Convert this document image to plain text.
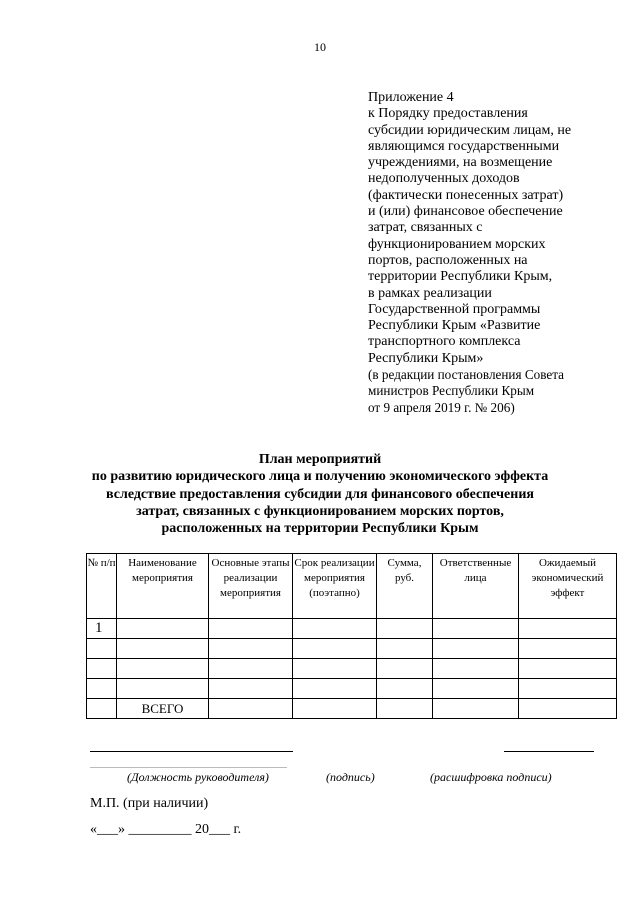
10
Приложение 4
к Порядку предоставления
субсидии юридическим лицам, не
являющимся государственными
учреждениями, на возмещение
недополученных доходов
(фактически понесенных затрат)
и (или) финансовое обеспечение
затрат, связанных с
функционированием морских
портов, расположенных на
территории Республики Крым,
в рамках реализации
Государственной программы
Республики Крым «Развитие
транспортного комплекса
Республики Крым»
(в редакции постановления Совета
министров Республики Крым
от 9 апреля 2019 г. № 206)
План мероприятий
по развитию юридического лица и получению экономического эффекта
вследствие предоставления субсидии для финансового обеспечения
затрат, связанных с функционированием морских портов,
расположенных на территории Республики Крым
№ п/п	Наименование мероприятия	Основные этапы реализации мероприятия	Срок реализации мероприятия (поэтапно)	Сумма, руб.	Ответственные лица	Ожидаемый экономический эффект
1						

	ВСЕГО					
(Должность руководителя)	(подпись)	(расшифровка подписи)
М.П. (при наличии)
«___» _________ 20___ г.
